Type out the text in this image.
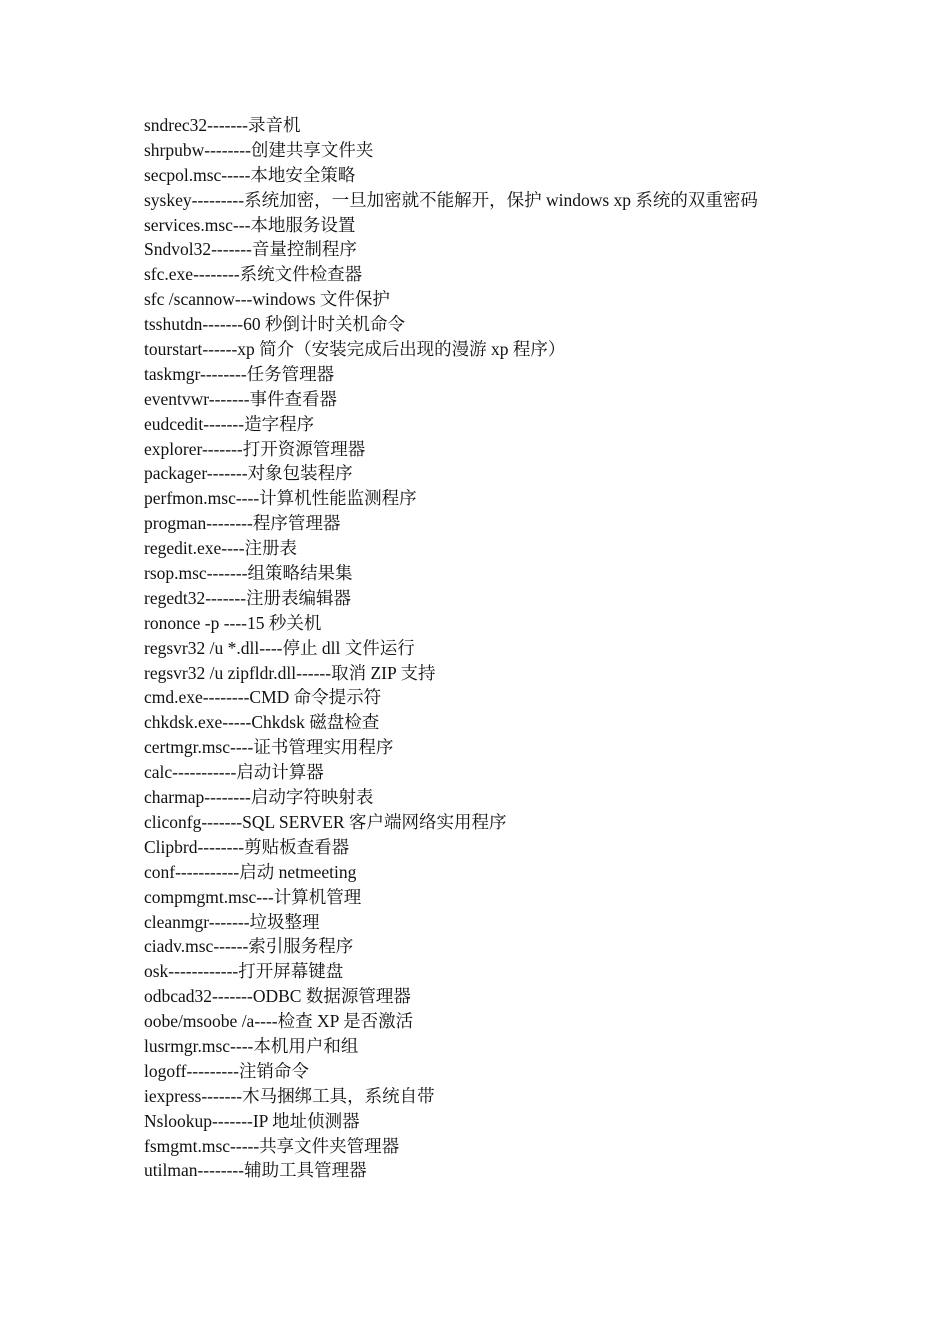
sndrec32-------录音机
shrpubw--------创建共享文件夹
secpol.msc-----本地安全策略
syskey---------系统加密，一旦加密就不能解开，保护 windows xp 系统的双重密码
services.msc---本地服务设置
Sndvol32-------音量控制程序
sfc.exe--------系统文件检查器
sfc /scannow---windows 文件保护
tsshutdn-------60 秒倒计时关机命令
tourstart------xp 简介（安装完成后出现的漫游 xp 程序）
taskmgr--------任务管理器
eventvwr-------事件查看器
eudcedit-------造字程序
explorer-------打开资源管理器
packager-------对象包装程序
perfmon.msc----计算机性能监测程序
progman--------程序管理器
regedit.exe----注册表
rsop.msc-------组策略结果集
regedt32-------注册表编辑器
rononce -p ----15 秒关机
regsvr32 /u *.dll----停止 dll 文件运行
regsvr32 /u zipfldr.dll------取消 ZIP 支持
cmd.exe--------CMD 命令提示符
chkdsk.exe-----Chkdsk 磁盘检查
certmgr.msc----证书管理实用程序
calc-----------启动计算器
charmap--------启动字符映射表
cliconfg-------SQL SERVER 客户端网络实用程序
Clipbrd--------剪贴板查看器
conf-----------启动 netmeeting
compmgmt.msc---计算机管理
cleanmgr-------垃圾整理
ciadv.msc------索引服务程序
osk------------打开屏幕键盘
odbcad32-------ODBC 数据源管理器
oobe/msoobe /a----检查 XP 是否激活
lusrmgr.msc----本机用户和组
logoff---------注销命令
iexpress-------木马捆绑工具，系统自带
Nslookup-------IP 地址侦测器
fsmgmt.msc-----共享文件夹管理器
utilman--------辅助工具管理器
